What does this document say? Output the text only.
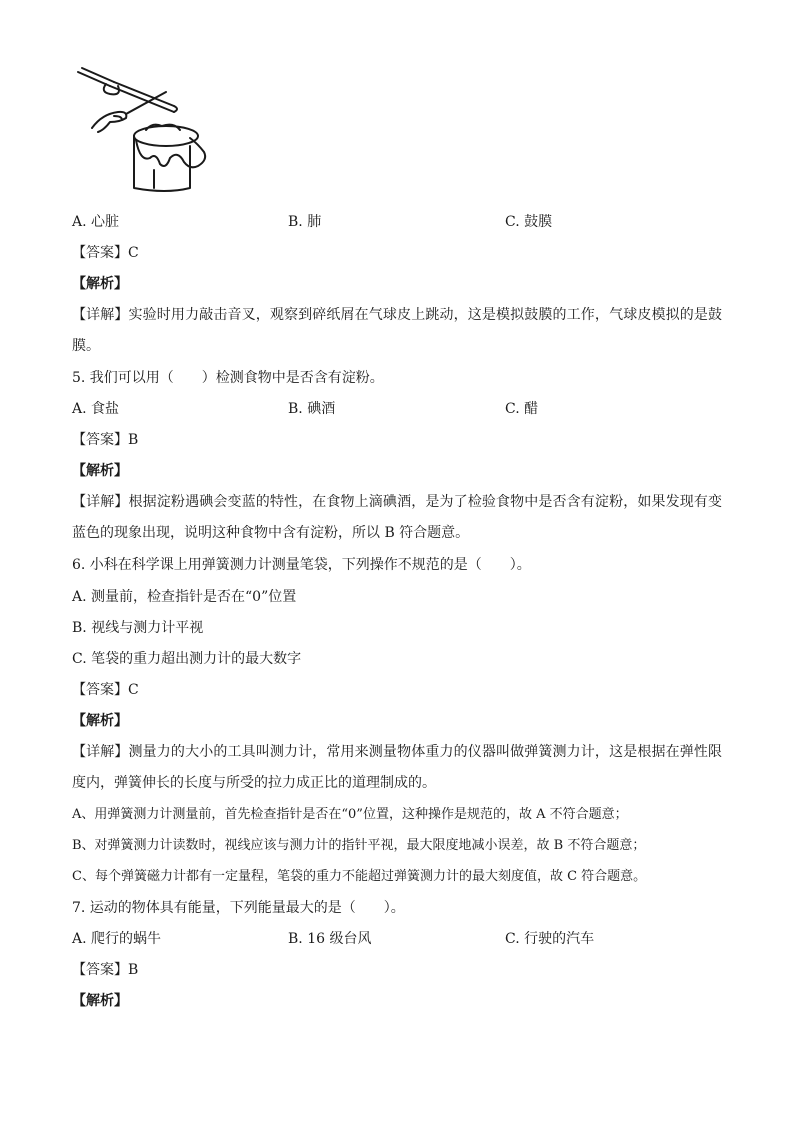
A. 心脏	B. 肺	C. 鼓膜
【答案】C
【解析】
【详解】实验时用力敲击音叉，观察到碎纸屑在气球皮上跳动，这是模拟鼓膜的工作，气球皮模拟的是鼓膜。
5. 我们可以用（　　）检测食物中是否含有淀粉。
A. 食盐	B. 碘酒	C. 醋
【答案】B
【解析】
【详解】根据淀粉遇碘会变蓝的特性，在食物上滴碘酒，是为了检验食物中是否含有淀粉，如果发现有变蓝色的现象出现，说明这种食物中含有淀粉，所以 B 符合题意。
6. 小科在科学课上用弹簧测力计测量笔袋，下列操作不规范的是（　　）。
A. 测量前，检查指针是否在“0”位置
B. 视线与测力计平视
C. 笔袋的重力超出测力计的最大数字
【答案】C
【解析】
【详解】测量力的大小的工具叫测力计，常用来测量物体重力的仪器叫做弹簧测力计，这是根据在弹性限度内，弹簧伸长的长度与所受的拉力成正比的道理制成的。
A、用弹簧测力计测量前，首先检查指针是否在“0”位置，这种操作是规范的，故 A 不符合题意；
B、对弹簧测力计读数时，视线应该与测力计的指针平视，最大限度地减小误差，故 B 不符合题意；
C、每个弹簧磁力计都有一定量程，笔袋的重力不能超过弹簧测力计的最大刻度值，故 C 符合题意。
7. 运动的物体具有能量，下列能量最大的是（　　）。
A. 爬行的蜗牛	B. 16 级台风	C. 行驶的汽车
【答案】B
【解析】
